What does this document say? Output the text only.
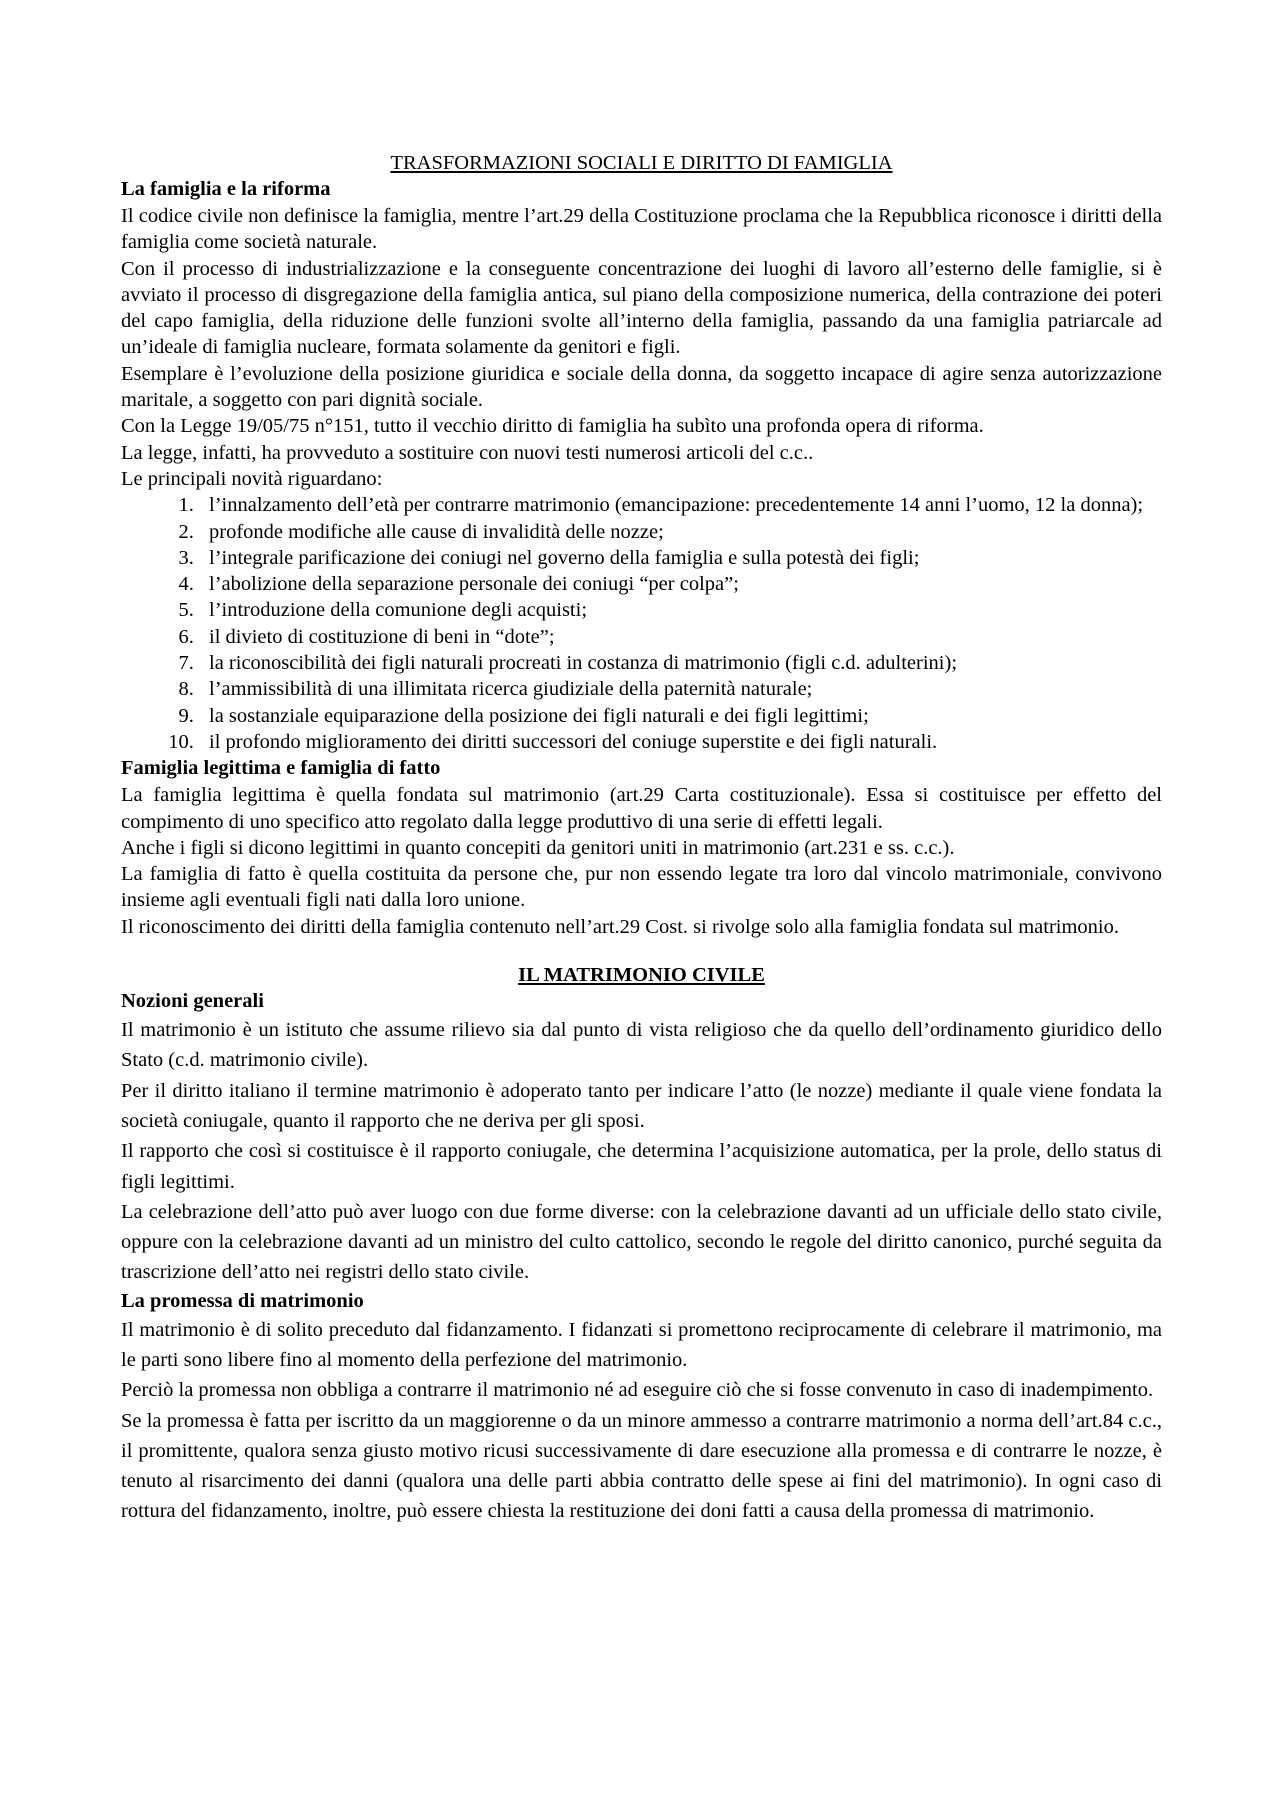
TRASFORMAZIONI SOCIALI E DIRITTO DI FAMIGLIA
La famiglia e la riforma

Il codice civile non definisce la famiglia, mentre l’art.29 della Costituzione proclama che la Repubblica riconosce i diritti della famiglia come società naturale.

Con il processo di industrializzazione e la conseguente concentrazione dei luoghi di lavoro all’esterno delle famiglie, si è avviato il processo di disgregazione della famiglia antica, sul piano della composizione numerica, della contrazione dei poteri del capo famiglia, della riduzione delle funzioni svolte all’interno della famiglia, passando da una famiglia patriarcale ad un’ideale di famiglia nucleare, formata solamente da genitori e figli.

Esemplare è l’evoluzione della posizione giuridica e sociale della donna, da soggetto incapace di agire senza autorizzazione maritale, a soggetto con pari dignità sociale.

Con la Legge 19/05/75 n°151, tutto il vecchio diritto di famiglia ha subìto una profonda opera di riforma.

La legge, infatti, ha provveduto a sostituire con nuovi testi numerosi articoli del c.c..

Le principali novità riguardano:

1. l’innalzamento dell’età per contrarre matrimonio (emancipazione: precedentemente 14 anni l’uomo, 12 la donna);
2. profonde modifiche alle cause di invalidità delle nozze;
3. l’integrale parificazione dei coniugi nel governo della famiglia e sulla potestà dei figli;
4. l’abolizione della separazione personale dei coniugi “per colpa”;
5. l’introduzione della comunione degli acquisti;
6. il divieto di costituzione di beni in “dote”;
7. la riconoscibilità dei figli naturali procreati in costanza di matrimonio (figli c.d. adulterini);
8. l’ammissibilità di una illimitata ricerca giudiziale della paternità naturale;
9. la sostanziale equiparazione della posizione dei figli naturali e dei figli legittimi;
10. il profondo miglioramento dei diritti successori del coniuge superstite e dei figli naturali.
Famiglia legittima e famiglia di fatto

La famiglia legittima è quella fondata sul matrimonio (art.29 Carta costituzionale). Essa si costituisce per effetto del compimento di uno specifico atto regolato dalla legge produttivo di una serie di effetti legali.

Anche i figli si dicono legittimi in quanto concepiti da genitori uniti in matrimonio (art.231 e ss. c.c.).

La famiglia di fatto è quella costituita da persone che, pur non essendo legate tra loro dal vincolo matrimoniale, convivono insieme agli eventuali figli nati dalla loro unione.

Il riconoscimento dei diritti della famiglia contenuto nell’art.29 Cost. si rivolge solo alla famiglia fondata sul matrimonio.

IL MATRIMONIO CIVILE
Nozioni generali

Il matrimonio è un istituto che assume rilievo sia dal punto di vista religioso che da quello dell’ordinamento giuridico dello Stato (c.d. matrimonio civile).

Per il diritto italiano il termine matrimonio è adoperato tanto per indicare l’atto (le nozze) mediante il quale viene fondata la società coniugale, quanto il rapporto che ne deriva per gli sposi.

Il rapporto che così si costituisce è il rapporto coniugale, che determina l’acquisizione automatica, per la prole, dello status di figli legittimi.

La celebrazione dell’atto può aver luogo con due forme diverse: con la celebrazione davanti ad un ufficiale dello stato civile, oppure con la celebrazione davanti ad un ministro del culto cattolico, secondo le regole del diritto canonico, purché seguita da trascrizione dell’atto nei registri dello stato civile.

La promessa di matrimonio

Il matrimonio è di solito preceduto dal fidanzamento. I fidanzati si promettono reciprocamente di celebrare il matrimonio, ma le parti sono libere fino al momento della perfezione del matrimonio.

Perciò la promessa non obbliga a contrarre il matrimonio né ad eseguire ciò che si fosse convenuto in caso di inadempimento.

Se la promessa è fatta per iscritto da un maggiorenne o da un minore ammesso a contrarre matrimonio a norma dell’art.84 c.c., il promittente, qualora senza giusto motivo ricusi successivamente di dare esecuzione alla promessa e di contrarre le nozze, è tenuto al risarcimento dei danni (qualora una delle parti abbia contratto delle spese ai fini del matrimonio). In ogni caso di rottura del fidanzamento, inoltre, può essere chiesta la restituzione dei doni fatti a causa della promessa di matrimonio.
